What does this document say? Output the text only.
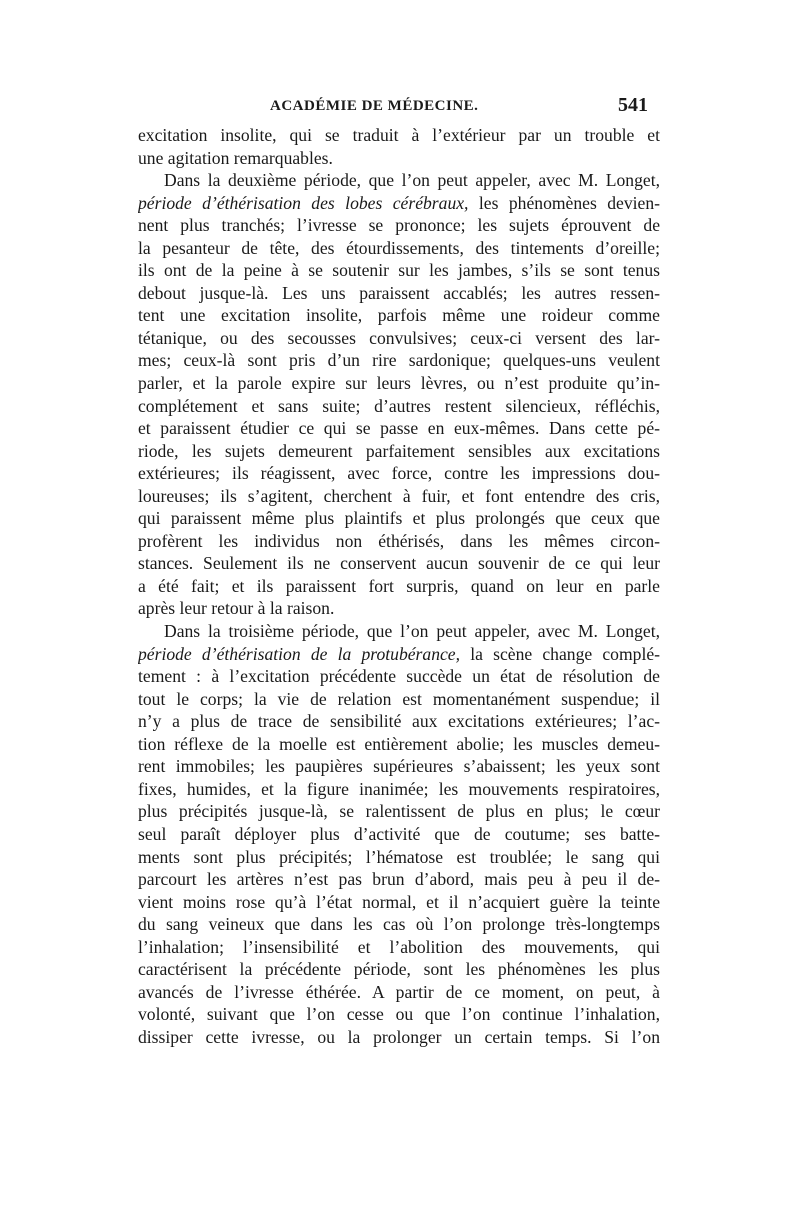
ACADÉMIE DE MÉDECINE.	541
excitation insolite, qui se traduit à l’extérieur par un trouble et
une agitation remarquables.
Dans la deuxième période, que l’on peut appeler, avec M. Longet,
période d’éthérisation des lobes cérébraux, les phénomènes devien-
nent plus tranchés; l’ivresse se prononce; les sujets éprouvent de
la pesanteur de tête, des étourdissements, des tintements d’oreille;
ils ont de la peine à se soutenir sur les jambes, s’ils se sont tenus
debout jusque-là. Les uns paraissent accablés; les autres ressen-
tent une excitation insolite, parfois même une roideur comme
tétanique, ou des secousses convulsives; ceux-ci versent des lar-
mes; ceux-là sont pris d’un rire sardonique; quelques-uns veulent
parler, et la parole expire sur leurs lèvres, ou n’est produite qu’in-
complétement et sans suite; d’autres restent silencieux, réfléchis,
et paraissent étudier ce qui se passe en eux-mêmes. Dans cette pé-
riode, les sujets demeurent parfaitement sensibles aux excitations
extérieures; ils réagissent, avec force, contre les impressions dou-
loureuses; ils s’agitent, cherchent à fuir, et font entendre des cris,
qui paraissent même plus plaintifs et plus prolongés que ceux que
profèrent les individus non éthérisés, dans les mêmes circon-
stances. Seulement ils ne conservent aucun souvenir de ce qui leur
a été fait; et ils paraissent fort surpris, quand on leur en parle
après leur retour à la raison.
Dans la troisième période, que l’on peut appeler, avec M. Longet,
période d’éthérisation de la protubérance, la scène change complé-
tement : à l’excitation précédente succède un état de résolution de
tout le corps; la vie de relation est momentanément suspendue; il
n’y a plus de trace de sensibilité aux excitations extérieures; l’ac-
tion réflexe de la moelle est entièrement abolie; les muscles demeu-
rent immobiles; les paupières supérieures s’abaissent; les yeux sont
fixes, humides, et la figure inanimée; les mouvements respiratoires,
plus précipités jusque-là, se ralentissent de plus en plus; le cœur
seul paraît déployer plus d’activité que de coutume; ses batte-
ments sont plus précipités; l’hématose est troublée; le sang qui
parcourt les artères n’est pas brun d’abord, mais peu à peu il de-
vient moins rose qu’à l’état normal, et il n’acquiert guère la teinte
du sang veineux que dans les cas où l’on prolonge très-longtemps
l’inhalation; l’insensibilité et l’abolition des mouvements, qui
caractérisent la précédente période, sont les phénomènes les plus
avancés de l’ivresse éthérée. A partir de ce moment, on peut, à
volonté, suivant que l’on cesse ou que l’on continue l’inhalation,
dissiper cette ivresse, ou la prolonger un certain temps. Si l’on
